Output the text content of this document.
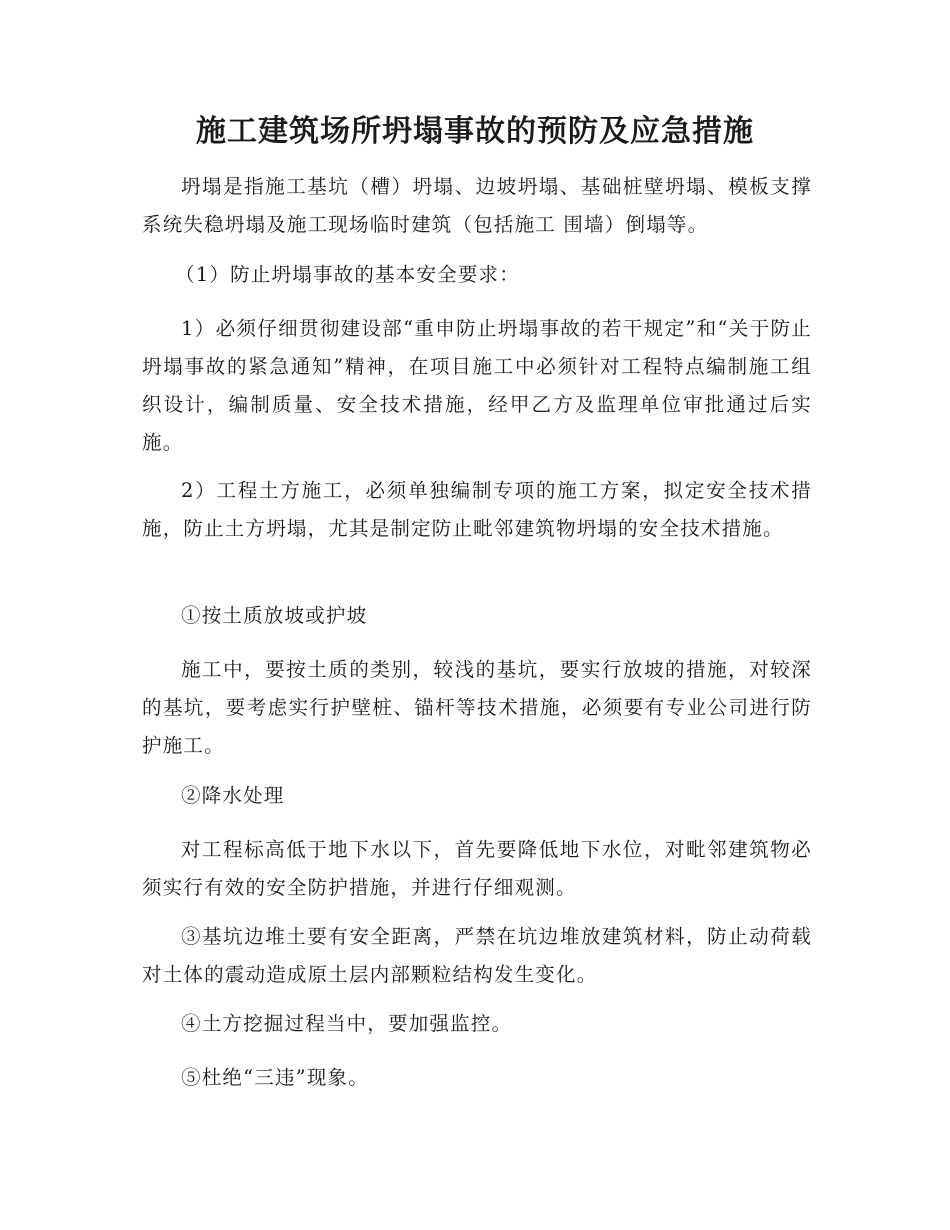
施工建筑场所坍塌事故的预防及应急措施

坍塌是指施工基坑（槽）坍塌、边坡坍塌、基础桩壁坍塌、模板支撑系统失稳坍塌及施工现场临时建筑（包括施工 围墙）倒塌等。

（1）防止坍塌事故的基本安全要求：

1）必须仔细贯彻建设部“重申防止坍塌事故的若干规定”和“关于防止坍塌事故的紧急通知”精神，在项目施工中必须针对工程特点编制施工组织设计，编制质量、安全技术措施，经甲乙方及监理单位审批通过后实施。

2）工程土方施工，必须单独编制专项的施工方案，拟定安全技术措施，防止土方坍塌，尤其是制定防止毗邻建筑物坍塌的安全技术措施。

①按土质放坡或护坡

施工中，要按土质的类别，较浅的基坑，要实行放坡的措施，对较深的基坑，要考虑实行护壁桩、锚杆等技术措施，必须要有专业公司进行防护施工。

②降水处理

对工程标高低于地下水以下，首先要降低地下水位，对毗邻建筑物必须实行有效的安全防护措施，并进行仔细观测。

③基坑边堆土要有安全距离，严禁在坑边堆放建筑材料，防止动荷载对土体的震动造成原土层内部颗粒结构发生变化。

④土方挖掘过程当中，要加强监控。

⑤杜绝“三违”现象。
